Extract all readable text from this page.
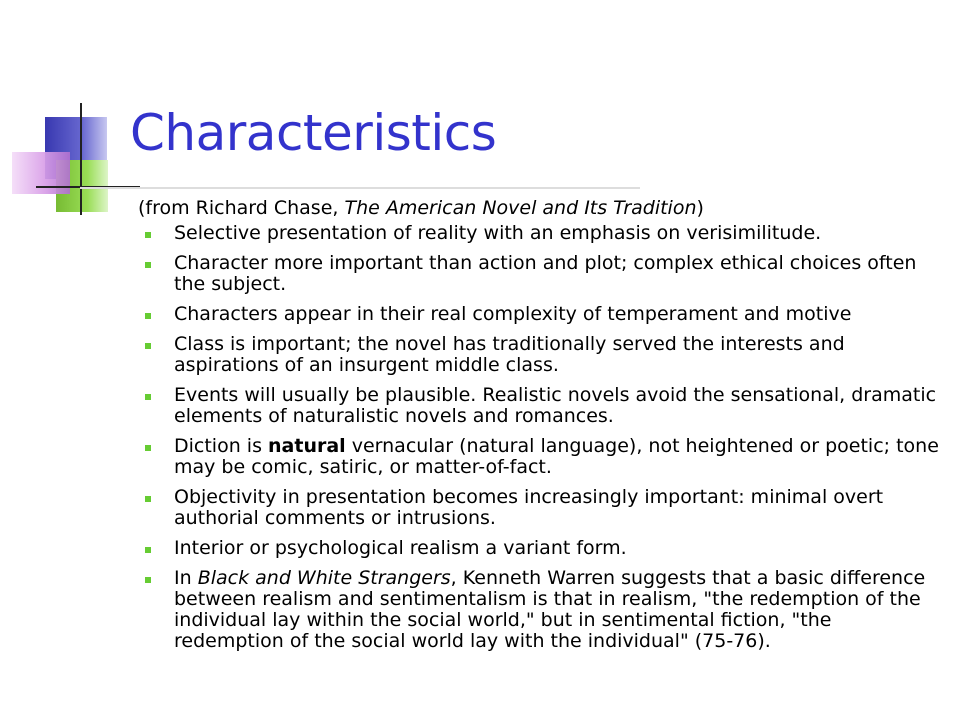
Characteristics
(from Richard Chase, The American Novel and Its Tradition)
Selective presentation of reality with an emphasis on verisimilitude.
Character more important than action and plot; complex ethical choices often the subject.
Characters appear in their real complexity of temperament and motive
Class is important; the novel has traditionally served the interests and aspirations of an insurgent middle class.
Events will usually be plausible. Realistic novels avoid the sensational, dramatic elements of naturalistic novels and romances.
Diction is natural vernacular (natural language), not heightened or poetic; tone may be comic, satiric, or matter-of-fact.
Objectivity in presentation becomes increasingly important: minimal overt authorial comments or intrusions.
Interior or psychological realism a variant form.
In Black and White Strangers, Kenneth Warren suggests that a basic difference between realism and sentimentalism is that in realism, "the redemption of the individual lay within the social world," but in sentimental fiction, "the redemption of the social world lay with the individual" (75-76).
